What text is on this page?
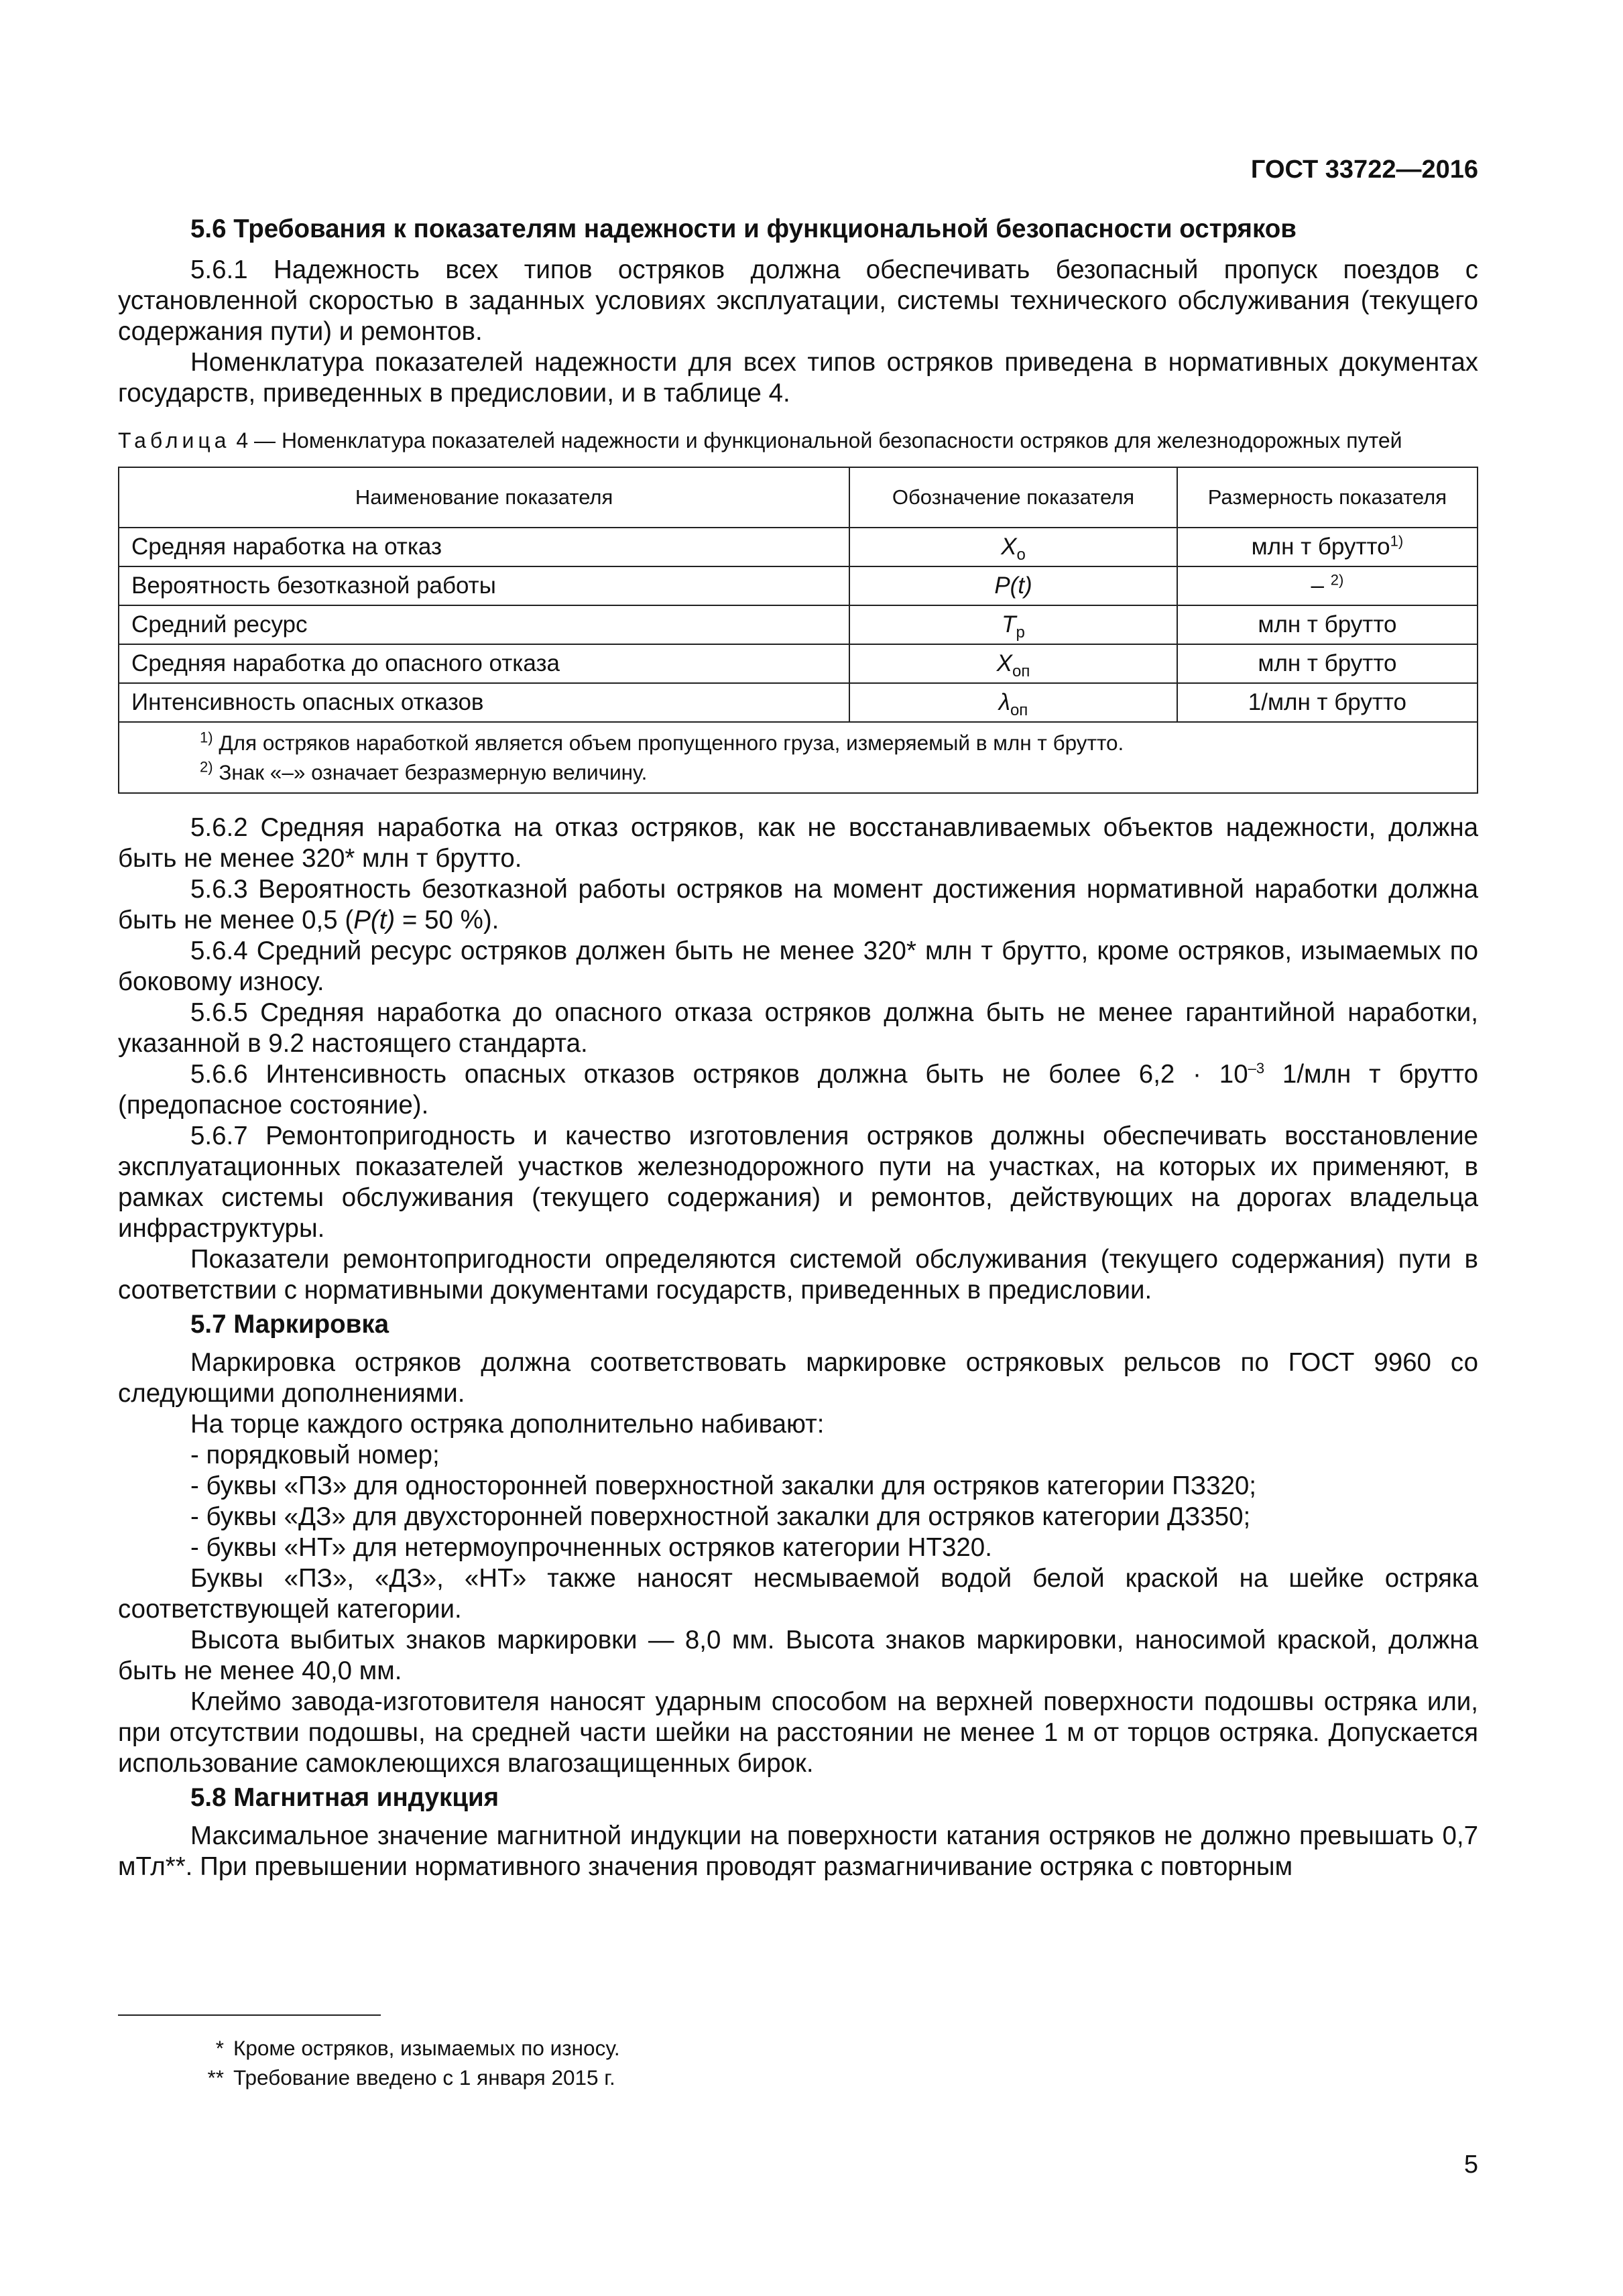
ГОСТ 33722—2016
5.6 Требования к показателям надежности и функциональной безопасности остряков

5.6.1 Надежность всех типов остряков должна обеспечивать безопасный пропуск поездов с установленной скоростью в заданных условиях эксплуатации, системы технического обслуживания (текущего содержания пути) и ремонтов.

Номенклатура показателей надежности для всех типов остряков приведена в нормативных документах государств, приведенных в предисловии, и в таблице 4.

Таблица 4 — Номенклатура показателей надежности и функциональной безопасности остряков для железнодорожных путей
Наименование показателя	Обозначение показателя	Размерность показателя
Средняя наработка на отказ	$X_о$	млн т брутто$^{1)}$
Вероятность безотказной работы	P(t)	– $^{2)}$
Средний ресурс	$T_р$	млн т брутто
Средняя наработка до опасного отказа	$X_{оп}$	млн т брутто
Интенсивность опасных отказов	$\lambda_{оп}$	1/млн т брутто

$^{1)}$ Для остряков наработкой является объем пропущенного груза, измеряемый в млн т брутто.
$^{2)}$ Знак «–» означает безразмерную величину.		

5.6.2 Средняя наработка на отказ остряков, как не восстанавливаемых объектов надежности, должна быть не менее 320* млн т брутто.

5.6.3 Вероятность безотказной работы остряков на момент достижения нормативной наработки должна быть не менее 0,5 (P(t) = 50 %).

5.6.4 Средний ресурс остряков должен быть не менее 320* млн т брутто, кроме остряков, изымаемых по боковому износу.

5.6.5 Средняя наработка до опасного отказа остряков должна быть не менее гарантийной наработки, указанной в 9.2 настоящего стандарта.

5.6.6 Интенсивность опасных отказов остряков должна быть не более $6,2 \cdot 10^{-3}$ 1/млн т брутто (предопасное состояние).

5.6.7 Ремонтопригодность и качество изготовления остряков должны обеспечивать восстановление эксплуатационных показателей участков железнодорожного пути на участках, на которых их применяют, в рамках системы обслуживания (текущего содержания) и ремонтов, действующих на дорогах владельца инфраструктуры.

Показатели ремонтопригодности определяются системой обслуживания (текущего содержания) пути в соответствии с нормативными документами государств, приведенных в предисловии.

5.7 Маркировка

Маркировка остряков должна соответствовать маркировке остряковых рельсов по ГОСТ 9960 со следующими дополнениями.

На торце каждого остряка дополнительно набивают:

- порядковый номер;

- буквы «ПЗ» для односторонней поверхностной закалки для остряков категории ПЗ320;

- буквы «ДЗ» для двухсторонней поверхностной закалки для остряков категории ДЗ350;

- буквы «НТ» для нетермоупрочненных остряков категории НТ320.

Буквы «ПЗ», «ДЗ», «НТ» также наносят несмываемой водой белой краской на шейке остряка соответствующей категории.

Высота выбитых знаков маркировки — 8,0 мм. Высота знаков маркировки, наносимой краской, должна быть не менее 40,0 мм.

Клеймо завода-изготовителя наносят ударным способом на верхней поверхности подошвы остряка или, при отсутствии подошвы, на средней части шейки на расстоянии не менее 1 м от торцов остряка. Допускается использование самоклеющихся влагозащищенных бирок.

5.8 Магнитная индукция

Максимальное значение магнитной индукции на поверхности катания остряков не должно превышать 0,7 мТл**. При превышении нормативного значения проводят размагничивание остряка с повторным

* Кроме остряков, изымаемых по износу.
** Требование введено с 1 января 2015 г.
5
